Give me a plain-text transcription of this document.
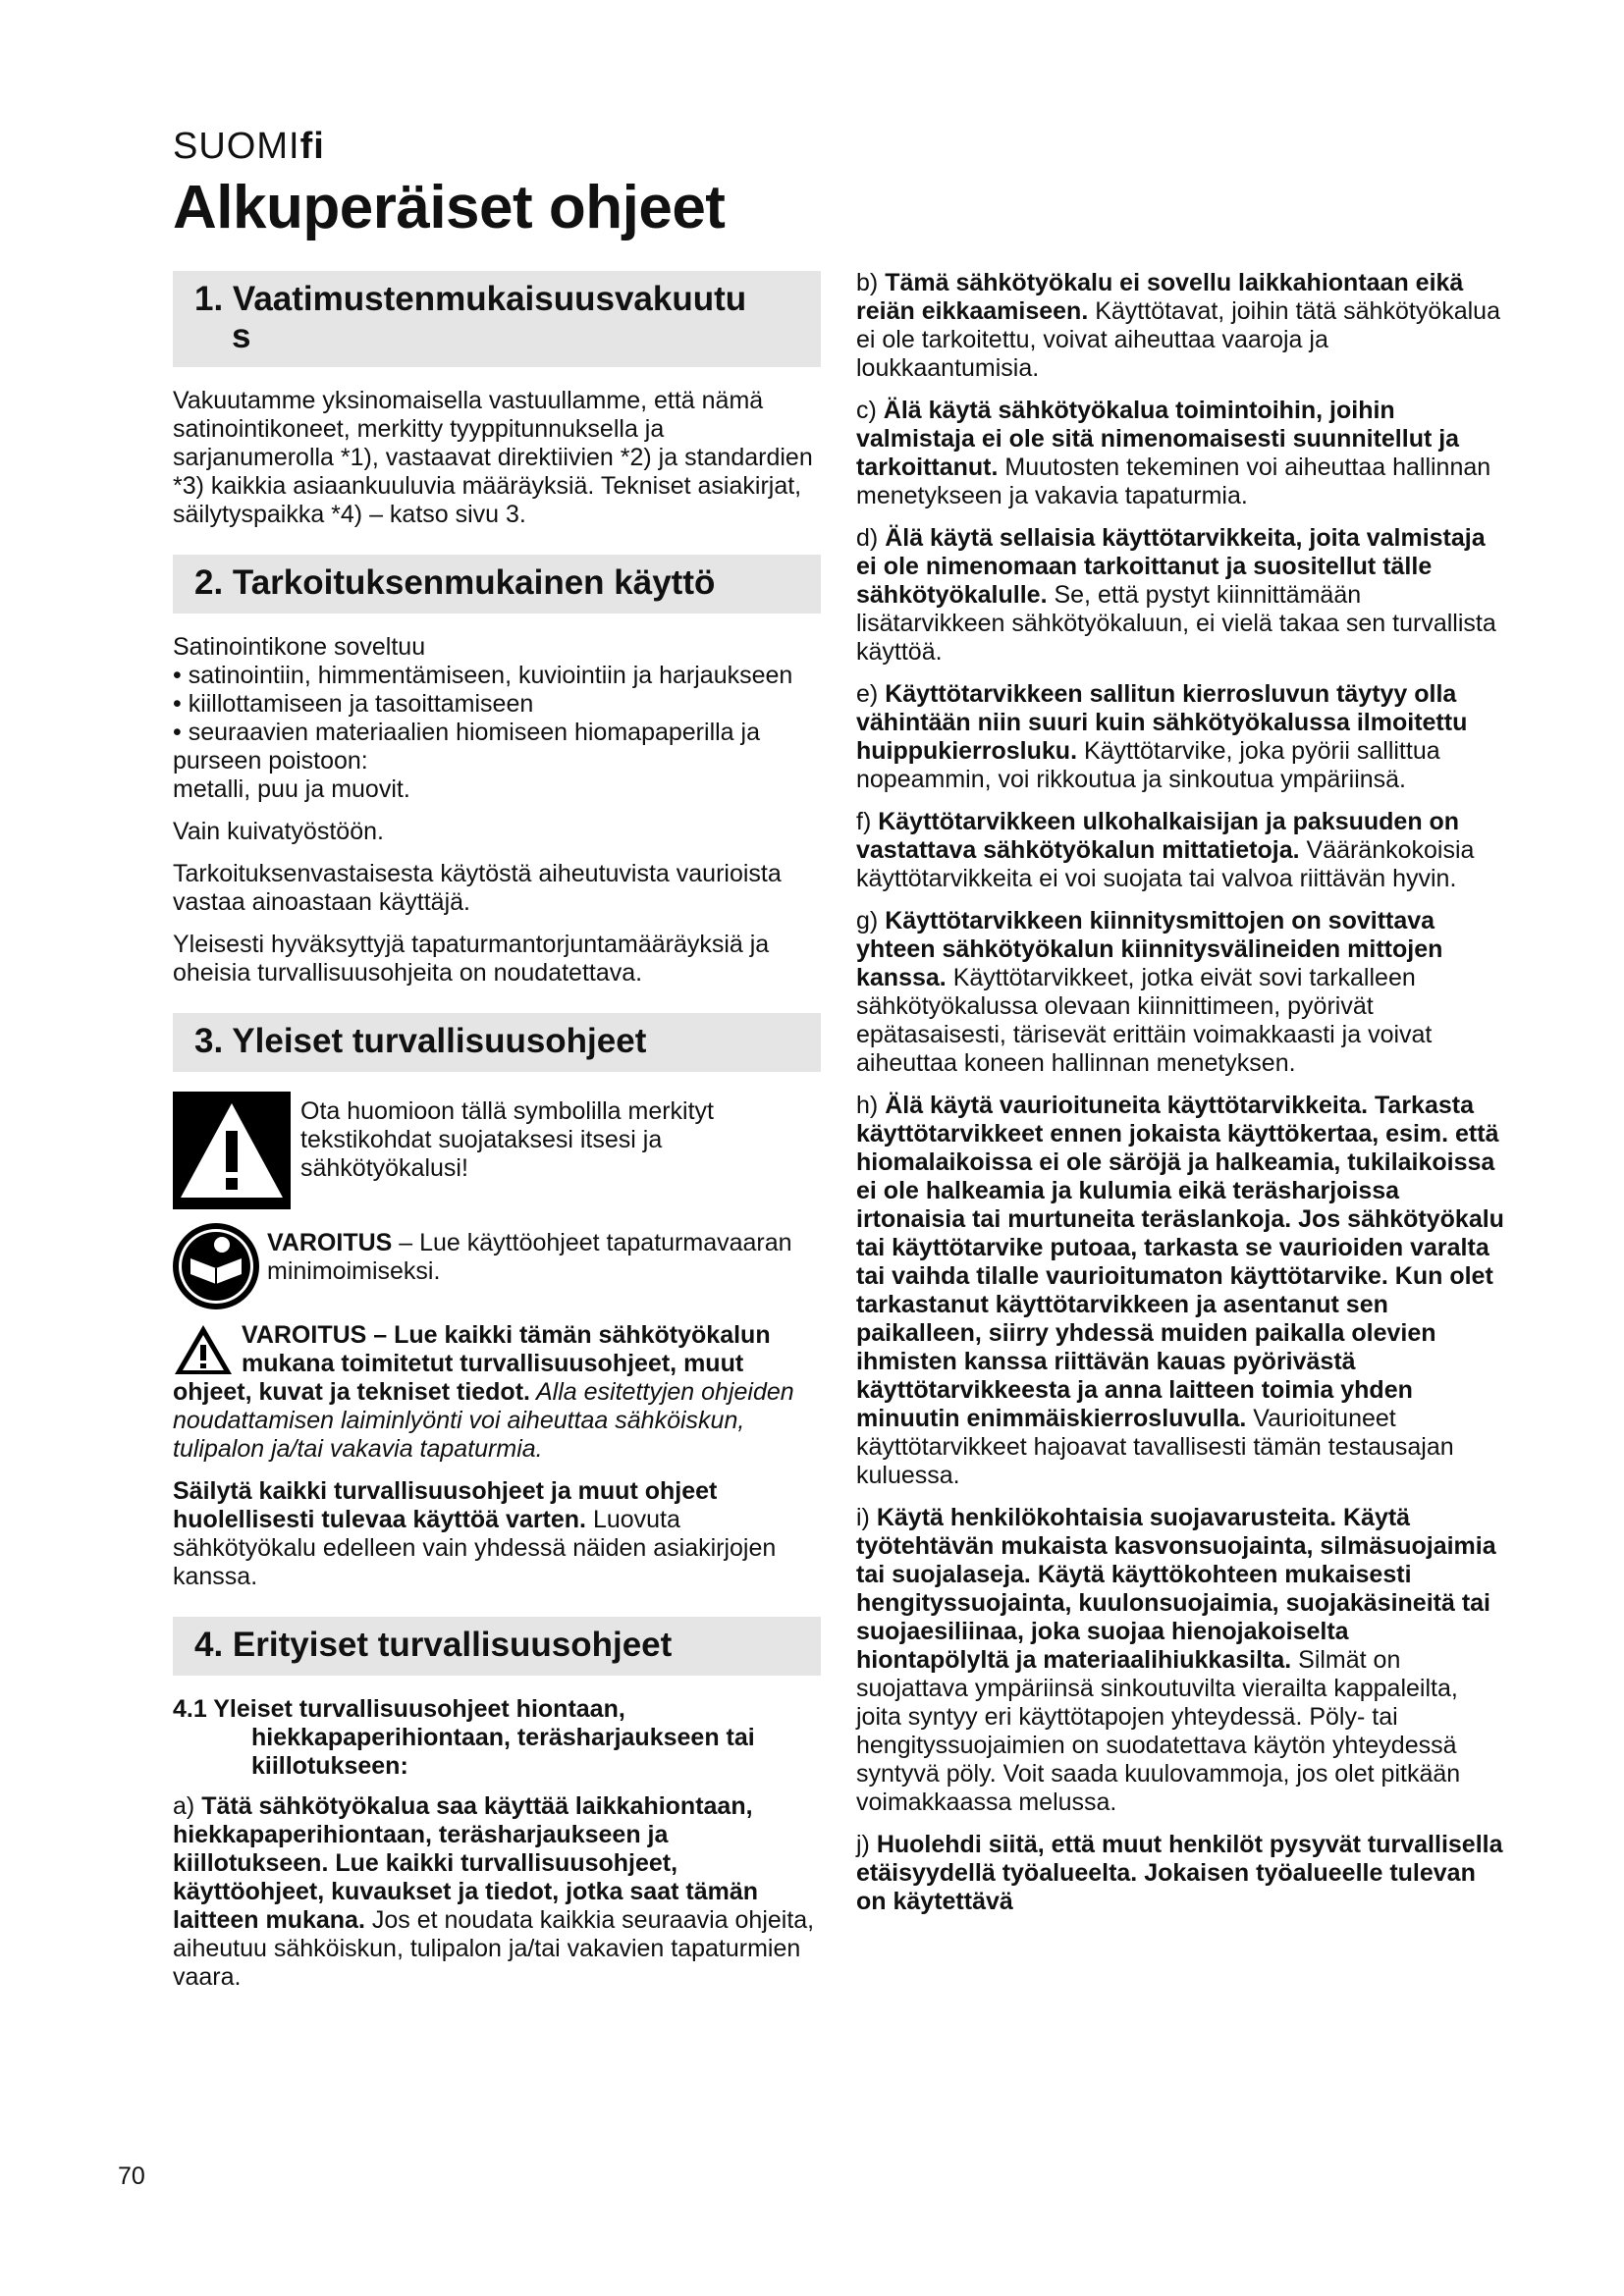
SUOMIfi
Alkuperäiset ohjeet
1. Vaatimustenmukaisuusvakuutu
s

Vakuutamme yksinomaisella vastuullamme, että nämä satinointikoneet, merkitty tyyppitunnuksella ja sarjanumerolla *1), vastaavat direktiivien *2) ja standardien *3) kaikkia asiaankuuluvia määräyksiä. Tekniset asiakirjat, säilytyspaikka *4) – katso sivu 3.

2. Tarkoituksenmukainen käyttö
Satinointikone soveltuu
• satinointiin, himmentämiseen, kuviointiin ja harjaukseen
• kiillottamiseen ja tasoittamiseen
• seuraavien materiaalien hiomiseen hiomapaperilla ja purseen poistoon:
metalli, puu ja muovit.

Vain kuivatyöstöön.

Tarkoituksenvastaisesta käytöstä aiheutuvista vaurioista vastaa ainoastaan käyttäjä.

Yleisesti hyväksyttyjä tapaturmantorjuntamääräyksiä ja oheisia turvallisuusohjeita on noudatettava.

3. Yleiset turvallisuusohjeet
Ota huomioon tällä symbolilla merkityt tekstikohdat suojataksesi itsesi ja sähkötyökalusi!
VAROITUS – Lue käyttöohjeet tapaturmavaaran minimoimiseksi.
VAROITUS – Lue kaikki tämän sähkötyökalun mukana toimitetut turvallisuusohjeet, muut ohjeet, kuvat ja tekniset tiedot. Alla esitettyjen ohjeiden noudattamisen laiminlyönti voi aiheuttaa sähköiskun, tulipalon ja/tai vakavia tapaturmia.

Säilytä kaikki turvallisuusohjeet ja muut ohjeet huolellisesti tulevaa käyttöä varten. Luovuta sähkötyökalu edelleen vain yhdessä näiden asiakirjojen kanssa.

4. Erityiset turvallisuusohjeet

4.1 Yleiset turvallisuusohjeet hiontaan, hiekkapaperihiontaan, teräsharjaukseen tai kiillotukseen:

a) Tätä sähkötyökalua saa käyttää laikkahiontaan, hiekkapaperihiontaan, teräsharjaukseen ja kiillotukseen. Lue kaikki turvallisuusohjeet, käyttöohjeet, kuvaukset ja tiedot, jotka saat tämän laitteen mukana. Jos et noudata kaikkia seuraavia ohjeita, aiheutuu sähköiskun, tulipalon ja/tai vakavien tapaturmien vaara.

b) Tämä sähkötyökalu ei sovellu laikkahiontaan eikä reiän eikkaamiseen. Käyttötavat, joihin tätä sähkötyökalua ei ole tarkoitettu, voivat aiheuttaa vaaroja ja loukkaantumisia.

c) Älä käytä sähkötyökalua toimintoihin, joihin valmistaja ei ole sitä nimenomaisesti suunnitellut ja tarkoittanut. Muutosten tekeminen voi aiheuttaa hallinnan menetykseen ja vakavia tapaturmia.

d) Älä käytä sellaisia käyttötarvikkeita, joita valmistaja ei ole nimenomaan tarkoittanut ja suositellut tälle sähkötyökalulle. Se, että pystyt kiinnittämään lisätarvikkeen sähkötyökaluun, ei vielä takaa sen turvallista käyttöä.

e) Käyttötarvikkeen sallitun kierrosluvun täytyy olla vähintään niin suuri kuin sähkötyökalussa ilmoitettu huippukierrosluku. Käyttötarvike, joka pyörii sallittua nopeammin, voi rikkoutua ja sinkoutua ympäriinsä.

f) Käyttötarvikkeen ulkohalkaisijan ja paksuuden on vastattava sähkötyökalun mittatietoja. Vääränkokoisia käyttötarvikkeita ei voi suojata tai valvoa riittävän hyvin.

g) Käyttötarvikkeen kiinnitysmittojen on sovittava yhteen sähkötyökalun kiinnitysvälineiden mittojen kanssa. Käyttötarvikkeet, jotka eivät sovi tarkalleen sähkötyökalussa olevaan kiinnittimeen, pyörivät epätasaisesti, tärisevät erittäin voimakkaasti ja voivat aiheuttaa koneen hallinnan menetyksen.

h) Älä käytä vaurioituneita käyttötarvikkeita. Tarkasta käyttötarvikkeet ennen jokaista käyttökertaa, esim. että hiomalaikoissa ei ole säröjä ja halkeamia, tukilaikoissa ei ole halkeamia ja kulumia eikä teräsharjoissa irtonaisia tai murtuneita teräslankoja. Jos sähkötyökalu tai käyttötarvike putoaa, tarkasta se vaurioiden varalta tai vaihda tilalle vaurioitumaton käyttötarvike. Kun olet tarkastanut käyttötarvikkeen ja asentanut sen paikalleen, siirry yhdessä muiden paikalla olevien ihmisten kanssa riittävän kauas pyörivästä käyttötarvikkeesta ja anna laitteen toimia yhden minuutin enimmäiskierrosluvulla. Vaurioituneet käyttötarvikkeet hajoavat tavallisesti tämän testausajan kuluessa.

i) Käytä henkilökohtaisia suojavarusteita. Käytä työtehtävän mukaista kasvonsuojainta, silmäsuojaimia tai suojalaseja. Käytä käyttökohteen mukaisesti hengityssuojainta, kuulonsuojaimia, suojakäsineitä tai suojaesiliinaa, joka suojaa hienojakoiselta hiontapölyltä ja materiaalihiukkasilta. Silmät on suojattava ympäriinsä sinkoutuvilta vierailta kappaleilta, joita syntyy eri käyttötapojen yhteydessä. Pöly- tai hengityssuojaimien on suodatettava käytön yhteydessä syntyvä pöly. Voit saada kuulovammoja, jos olet pitkään voimakkaassa melussa.

j) Huolehdi siitä, että muut henkilöt pysyvät turvallisella etäisyydellä työalueelta. Jokaisen työalueelle tulevan on käytettävä

70
